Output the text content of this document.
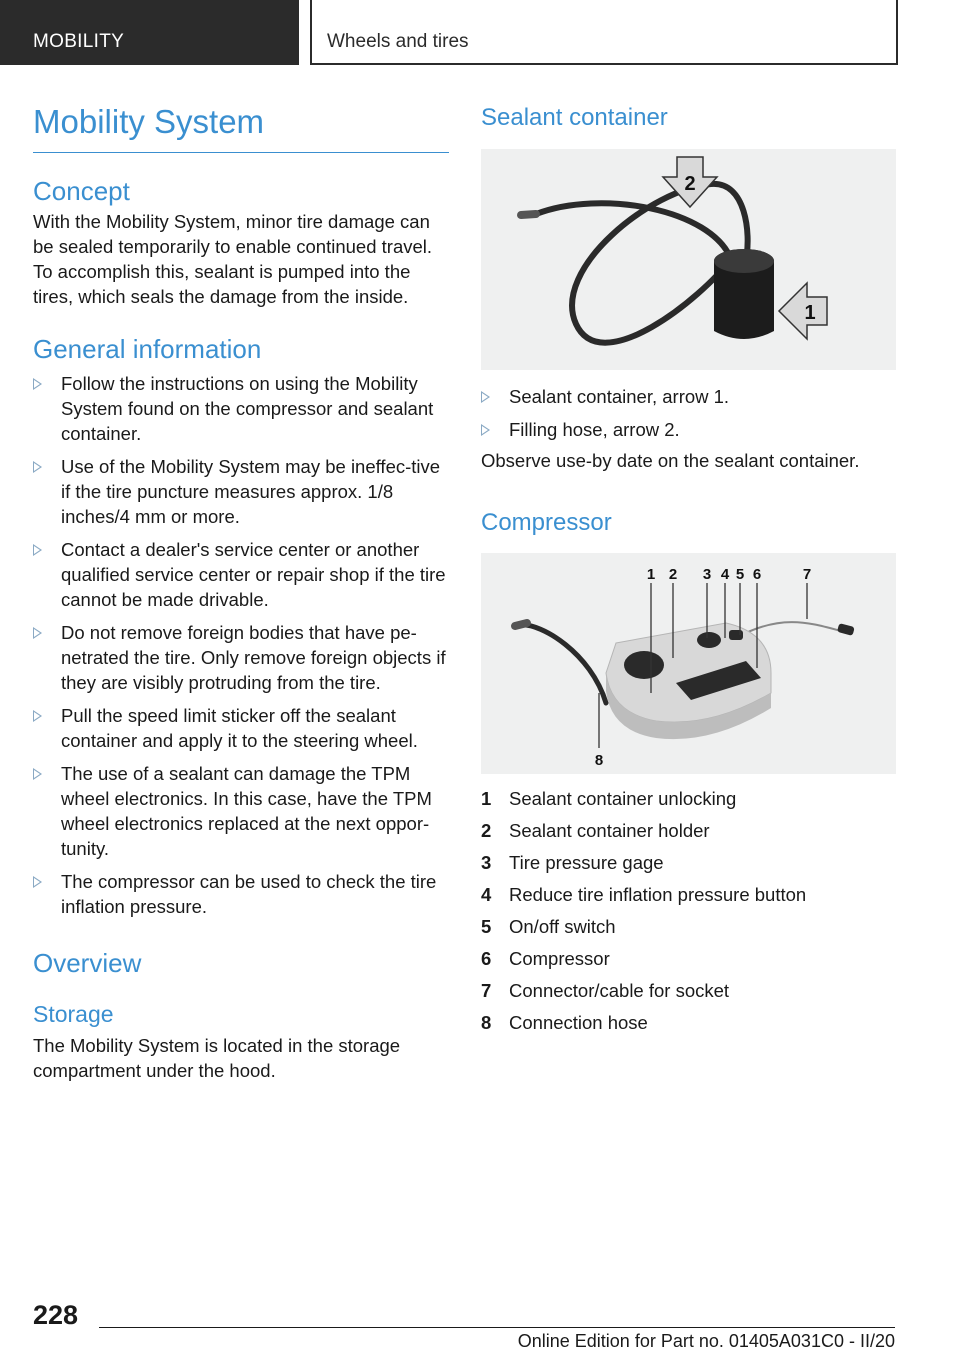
MOBILITY	Wheels and tires
Mobility System
Concept

With the Mobility System, minor tire damage can be sealed temporarily to enable continued travel. To accomplish this, sealant is pumped into the tires, which seals the damage from the inside.

General information
Follow the instructions on using the Mobility System found on the compressor and sealant container.
Use of the Mobility System may be ineffec-tive if the tire puncture measures approx. 1/8 inches/4 mm or more.
Contact a dealer's service center or another qualified service center or repair shop if the tire cannot be made drivable.
Do not remove foreign bodies that have pe-netrated the tire. Only remove foreign objects if they are visibly protruding from the tire.
Pull the speed limit sticker off the sealant container and apply it to the steering wheel.
The use of a sealant can damage the TPM wheel electronics. In this case, have the TPM wheel electronics replaced at the next oppor-tunity.
The compressor can be used to check the tire inflation pressure.
Overview
Storage

The Mobility System is located in the storage compartment under the hood.

Sealant container
2
1
Sealant container, arrow 1.
Filling hose, arrow 2.

Observe use-by date on the sealant container.

Compressor
1 2 3 4 5 6	7
8
1 Sealant container unlocking
2 Sealant container holder
3 Tire pressure gage
4 Reduce tire inflation pressure button
5 On/off switch
6 Compressor
7 Connector/cable for socket
8 Connection hose
228
Online Edition for Part no. 01405A031C0 - II/20
